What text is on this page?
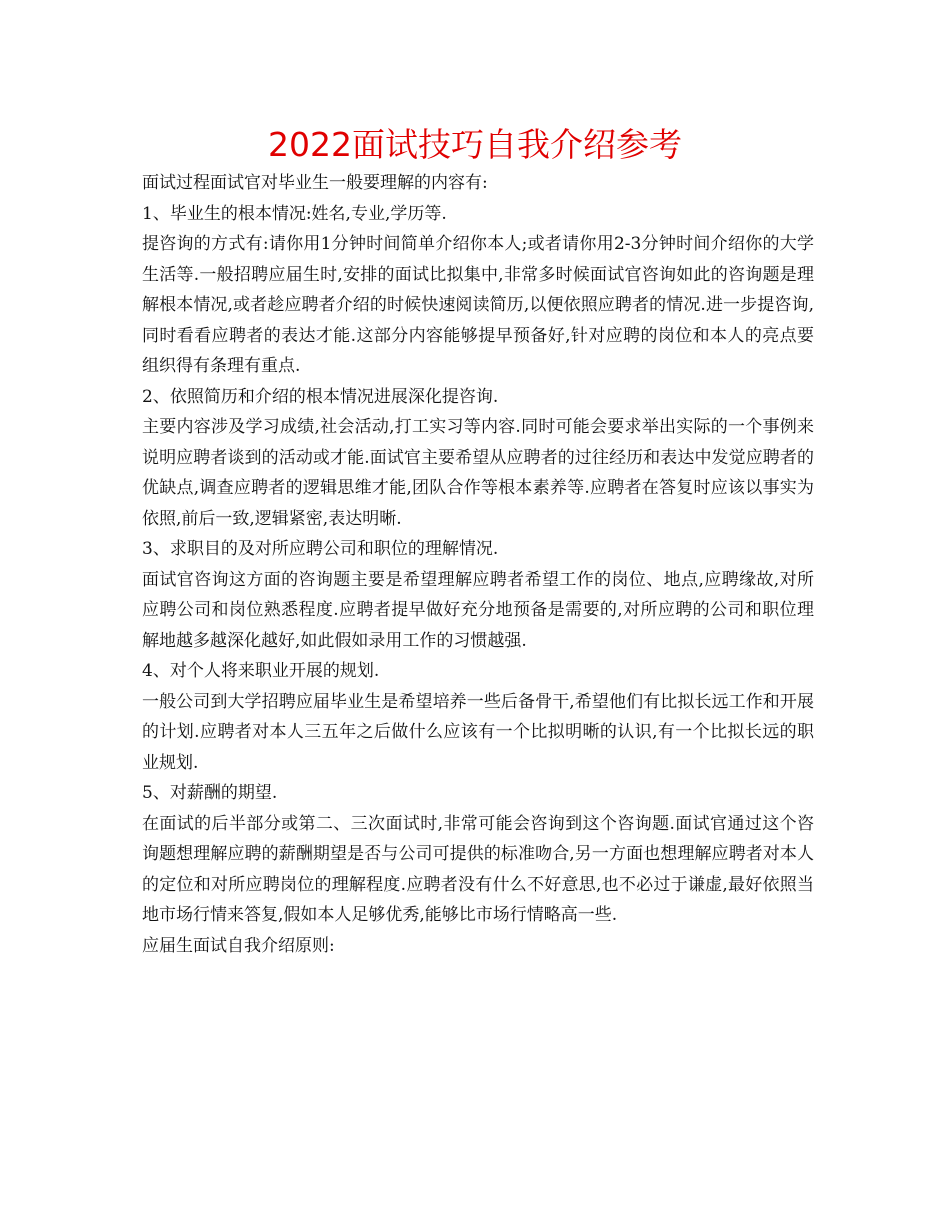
2022面试技巧自我介绍参考

面试过程面试官对毕业生一般要理解的内容有:

1、毕业生的根本情况:姓名,专业,学历等.

提咨询的方式有:请你用1分钟时间简单介绍你本人;或者请你用2-3分钟时间介绍你的大学生活等.一般招聘应届生时,安排的面试比拟集中,非常多时候面试官咨询如此的咨询题是理解根本情况,或者趁应聘者介绍的时候快速阅读简历,以便依照应聘者的情况.进一步提咨询,同时看看应聘者的表达才能.这部分内容能够提早预备好,针对应聘的岗位和本人的亮点要组织得有条理有重点.

2、依照简历和介绍的根本情况进展深化提咨询.

主要内容涉及学习成绩,社会活动,打工实习等内容.同时可能会要求举出实际的一个事例来说明应聘者谈到的活动或才能.面试官主要希望从应聘者的过往经历和表达中发觉应聘者的优缺点,调查应聘者的逻辑思维才能,团队合作等根本素养等.应聘者在答复时应该以事实为依照,前后一致,逻辑紧密,表达明晰.

3、求职目的及对所应聘公司和职位的理解情况.

面试官咨询这方面的咨询题主要是希望理解应聘者希望工作的岗位、地点,应聘缘故,对所应聘公司和岗位熟悉程度.应聘者提早做好充分地预备是需要的,对所应聘的公司和职位理解地越多越深化越好,如此假如录用工作的习惯越强.

4、对个人将来职业开展的规划.

一般公司到大学招聘应届毕业生是希望培养一些后备骨干,希望他们有比拟长远工作和开展的计划.应聘者对本人三五年之后做什么应该有一个比拟明晰的认识,有一个比拟长远的职业规划.

5、对薪酬的期望.

在面试的后半部分或第二、三次面试时,非常可能会咨询到这个咨询题.面试官通过这个咨询题想理解应聘的薪酬期望是否与公司可提供的标准吻合,另一方面也想理解应聘者对本人的定位和对所应聘岗位的理解程度.应聘者没有什么不好意思,也不必过于谦虚,最好依照当地市场行情来答复,假如本人足够优秀,能够比市场行情略高一些.

应届生面试自我介绍原则:
